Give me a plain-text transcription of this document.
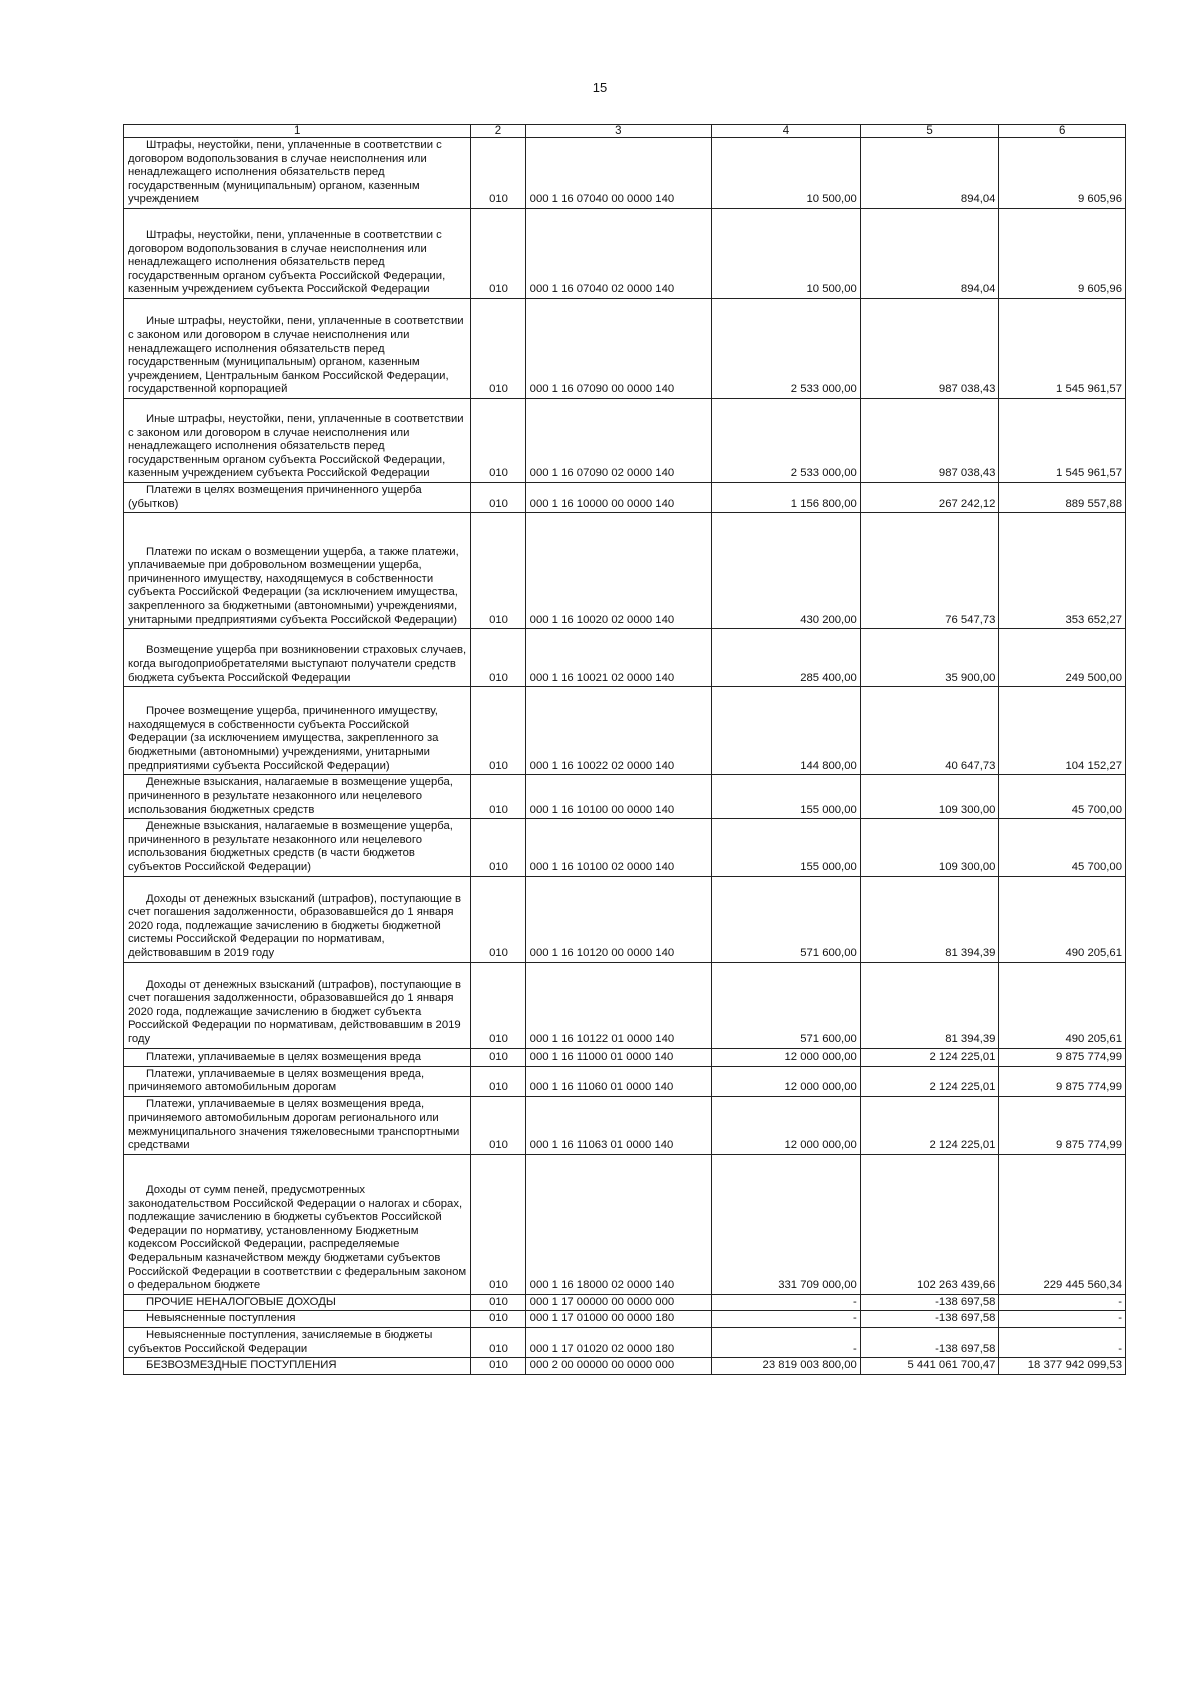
15
1	2	3	4	5	6
Штрафы, неустойки, пени, уплаченные в соответствии с договором водопользования в случае неисполнения или ненадлежащего исполнения обязательств перед государственным (муниципальным) органом, казенным учреждением	010	000 1 16 07040 00 0000 140	10 500,00	894,04	9 605,96
Штрафы, неустойки, пени, уплаченные в соответствии с договором водопользования в случае неисполнения или ненадлежащего исполнения обязательств перед государственным органом субъекта Российской Федерации, казенным учреждением субъекта Российской Федерации	010	000 1 16 07040 02 0000 140	10 500,00	894,04	9 605,96
Иные штрафы, неустойки, пени, уплаченные в соответствии с законом или договором в случае неисполнения или ненадлежащего исполнения обязательств перед государственным (муниципальным) органом, казенным учреждением, Центральным банком Российской Федерации, государственной корпорацией	010	000 1 16 07090 00 0000 140	2 533 000,00	987 038,43	1 545 961,57
Иные штрафы, неустойки, пени, уплаченные в соответствии с законом или договором в случае неисполнения или ненадлежащего исполнения обязательств перед государственным органом субъекта Российской Федерации, казенным учреждением субъекта Российской Федерации	010	000 1 16 07090 02 0000 140	2 533 000,00	987 038,43	1 545 961,57
Платежи в целях возмещения причиненного ущерба (убытков)	010	000 1 16 10000 00 0000 140	1 156 800,00	267 242,12	889 557,88
Платежи по искам о возмещении ущерба, а также платежи, уплачиваемые при добровольном возмещении ущерба, причиненного имуществу, находящемуся в собственности субъекта Российской Федерации (за исключением имущества, закрепленного за бюджетными (автономными) учреждениями, унитарными предприятиями субъекта Российской Федерации)	010	000 1 16 10020 02 0000 140	430 200,00	76 547,73	353 652,27
Возмещение ущерба при возникновении страховых случаев, когда выгодоприобретателями выступают получатели средств бюджета субъекта Российской Федерации	010	000 1 16 10021 02 0000 140	285 400,00	35 900,00	249 500,00
Прочее возмещение ущерба, причиненного имуществу, находящемуся в собственности субъекта Российской Федерации (за исключением имущества, закрепленного за бюджетными (автономными) учреждениями, унитарными предприятиями субъекта Российской Федерации)	010	000 1 16 10022 02 0000 140	144 800,00	40 647,73	104 152,27
Денежные взыскания, налагаемые в возмещение ущерба, причиненного в результате незаконного или нецелевого использования бюджетных средств	010	000 1 16 10100 00 0000 140	155 000,00	109 300,00	45 700,00
Денежные взыскания, налагаемые в возмещение ущерба, причиненного в результате незаконного или нецелевого использования бюджетных средств (в части бюджетов субъектов Российской Федерации)	010	000 1 16 10100 02 0000 140	155 000,00	109 300,00	45 700,00
Доходы от денежных взысканий (штрафов), поступающие в счет погашения задолженности, образовавшейся до 1 января 2020 года, подлежащие зачислению в бюджеты бюджетной системы Российской Федерации по нормативам, действовавшим в 2019 году	010	000 1 16 10120 00 0000 140	571 600,00	81 394,39	490 205,61
Доходы от денежных взысканий (штрафов), поступающие в счет погашения задолженности, образовавшейся до 1 января 2020 года, подлежащие зачислению в бюджет субъекта Российской Федерации по нормативам, действовавшим в 2019 году	010	000 1 16 10122 01 0000 140	571 600,00	81 394,39	490 205,61
Платежи, уплачиваемые в целях возмещения вреда	010	000 1 16 11000 01 0000 140	12 000 000,00	2 124 225,01	9 875 774,99
Платежи, уплачиваемые в целях возмещения вреда, причиняемого автомобильным дорогам	010	000 1 16 11060 01 0000 140	12 000 000,00	2 124 225,01	9 875 774,99
Платежи, уплачиваемые в целях возмещения вреда, причиняемого автомобильным дорогам регионального или межмуниципального значения тяжеловесными транспортными средствами	010	000 1 16 11063 01 0000 140	12 000 000,00	2 124 225,01	9 875 774,99
Доходы от сумм пеней, предусмотренных законодательством Российской Федерации о налогах и сборах, подлежащие зачислению в бюджеты субъектов Российской Федерации по нормативу, установленному Бюджетным кодексом Российской Федерации, распределяемые Федеральным казначейством между бюджетами субъектов Российской Федерации в соответствии с федеральным законом о федеральном бюджете	010	000 1 16 18000 02 0000 140	331 709 000,00	102 263 439,66	229 445 560,34
ПРОЧИЕ НЕНАЛОГОВЫЕ ДОХОДЫ	010	000 1 17 00000 00 0000 000	-	-138 697,58	-
Невыясненные поступления	010	000 1 17 01000 00 0000 180	-	-138 697,58	-
Невыясненные поступления, зачисляемые в бюджеты субъектов Российской Федерации	010	000 1 17 01020 02 0000 180	-	-138 697,58	-
БЕЗВОЗМЕЗДНЫЕ ПОСТУПЛЕНИЯ	010	000 2 00 00000 00 0000 000	23 819 003 800,00	5 441 061 700,47	18 377 942 099,53
